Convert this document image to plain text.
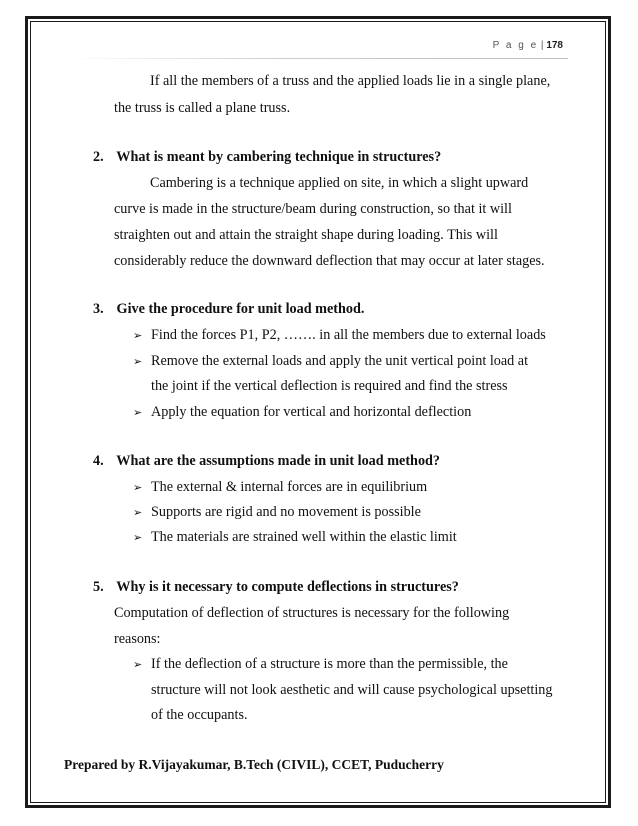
P a g e | 178
If all the members of a truss and the applied loads lie in a single plane,
the truss is called a plane truss.
2. What is meant by cambering technique in structures?
Cambering is a technique applied on site, in which a slight upward
curve is made in the structure/beam during construction, so that it will
straighten out and attain the straight shape during loading. This will
considerably reduce the downward deflection that may occur at later stages.
3. Give the procedure for unit load method.
➢ Find the forces P1, P2, ……. in all the members due to external loads
➢ Remove the external loads and apply the unit vertical point load at
the joint if the vertical deflection is required and find the stress
➢ Apply the equation for vertical and horizontal deflection
4. What are the assumptions made in unit load method?
➢ The external & internal forces are in equilibrium
➢ Supports are rigid and no movement is possible
➢ The materials are strained well within the elastic limit
5. Why is it necessary to compute deflections in structures?
Computation of deflection of structures is necessary for the following
reasons:
➢ If the deflection of a structure is more than the permissible, the
structure will not look aesthetic and will cause psychological upsetting
of the occupants.
Prepared by R.Vijayakumar, B.Tech (CIVIL), CCET, Puducherry
